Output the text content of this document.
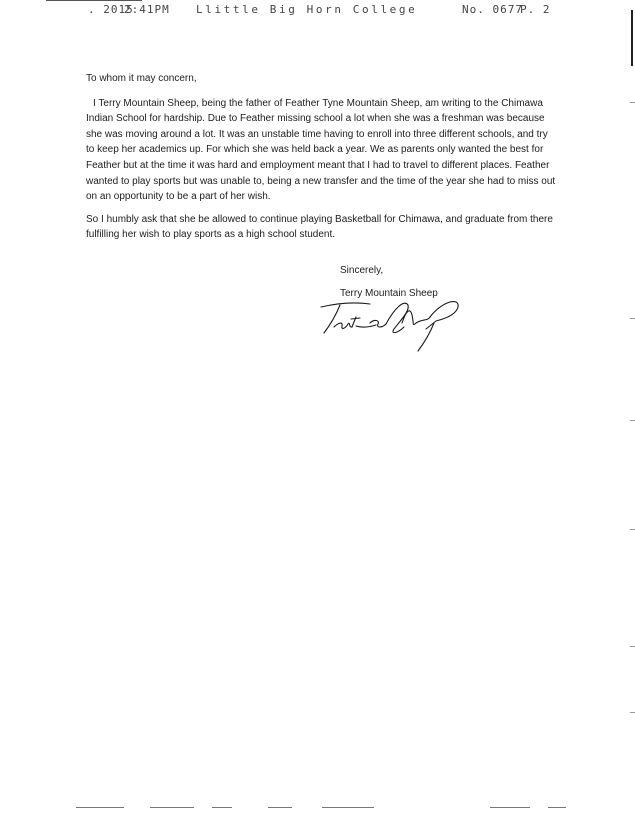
. 2015
2:41PM Llittle Big Horn College	No. 0677
P. 2

To whom it may concern,

I Terry Mountain Sheep, being the father of Feather Tyne Mountain Sheep, am writing to the Chimawa Indian School for hardship. Due to Feather missing school a lot when she was a freshman was because she was moving around a lot. It was an unstable time having to enroll into three different schools, and try to keep her academics up. For which she was held back a year. We as parents only wanted the best for Feather but at the time it was hard and employment meant that I had to travel to different places. Feather wanted to play sports but was unable to, being a new transfer and the time of the year she had to miss out on an opportunity to be a part of her wish.

So I humbly ask that she be allowed to continue playing Basketball for Chimawa, and graduate from there fulfilling her wish to play sports as a high school student.

Sincerely,
Terry Mountain Sheep
